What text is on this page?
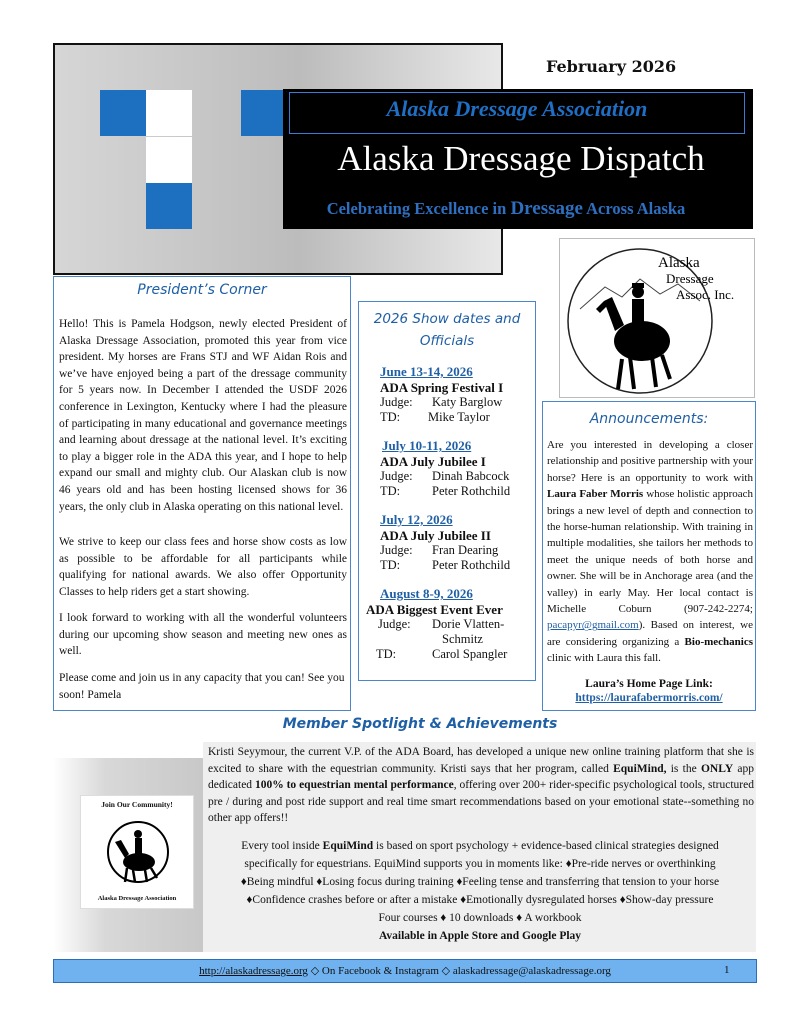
February 2026
Alaska Dressage Association
Alaska Dressage Dispatch
Celebrating Excellence in Dressage Across Alaska
Alaska
Dressage
Assoc. Inc.
President’s Corner
Hello! This is Pamela Hodgson, newly elected President of Alaska Dressage Association, promoted this year from vice president. My horses are Frans STJ and WF Aidan Rois and we’ve have enjoyed being a part of the dressage community for 5 years now. In December I attended the USDF 2026 conference in Lexington, Kentucky where I had the pleasure of participating in many educational and governance meetings and learning about dressage at the national level. It’s exciting to play a bigger role in the ADA this year, and I hope to help expand our small and mighty club. Our Alaskan club is now 46 years old and has been hosting licensed shows for 36 years, the only club in Alaska operating on this national level.
We strive to keep our class fees and horse show costs as low as possible to be affordable for all participants while qualifying for national awards. We also offer Opportunity Classes to help riders get a start showing.
I look forward to working with all the wonderful volunteers during our upcoming show season and meeting new ones as well.
Please come and join us in any capacity that you can! See you soon! Pamela
2026 Show dates and
Officials
June 13-14, 2026
ADA Spring Festival I
Judge: Katy Barglow
TD: Mike Taylor
July 10-11, 2026
ADA July Jubilee I
Judge: Dinah Babcock
TD:	Peter Rothchild
July 12, 2026
ADA July Jubilee II
Judge: Fran Dearing
TD:	Peter Rothchild
August 8-9, 2026
ADA Biggest Event Ever
Judge: Dorie Vlatten-
Schmitz
TD:	Carol Spangler
Announcements:
Are you interested in developing a closer relationship and positive partnership with your horse? Here is an opportunity to work with Laura Faber Morris whose holistic approach brings a new level of depth and connection to the horse-human relationship. With training in multiple modalities, she tailors her methods to meet the unique needs of both horse and owner. She will be in Anchorage area (and the valley) in early May. Her local contact is Michelle Coburn (907-242-2274; pacapyr@gmail.com). Based on interest, we are considering organizing a Bio-mechanics clinic with Laura this fall.
Laura’s Home Page Link:
https://laurafabermorris.com/
Member Spotlight & Achievements
Join Our Community!
Alaska Dressage Association
Kristi Seyymour, the current V.P. of the ADA Board, has developed a unique new online training platform that she is excited to share with the equestrian community. Kristi says that her program, called EquiMind, is the ONLY app dedicated 100% to equestrian mental performance, offering over 200+ rider-specific psychological tools, structured pre / during and post ride support and real time smart recommendations based on your emotional state--something no other app offers!!
Every tool inside EquiMind is based on sport psychology + evidence-based clinical strategies designed
specifically for equestrians. EquiMind supports you in moments like: ♦Pre-ride nerves or overthinking
♦Being mindful ♦Losing focus during training ♦Feeling tense and transferring that tension to your horse
♦Confidence crashes before or after a mistake ♦Emotionally dysregulated horses ♦Show-day pressure
Four courses ♦ 10 downloads ♦ A workbook
Available in Apple Store and Google Play
http://alaskadressage.org ◇ On Facebook & Instagram ◇ alaskadressage@alaskadressage.org	1
